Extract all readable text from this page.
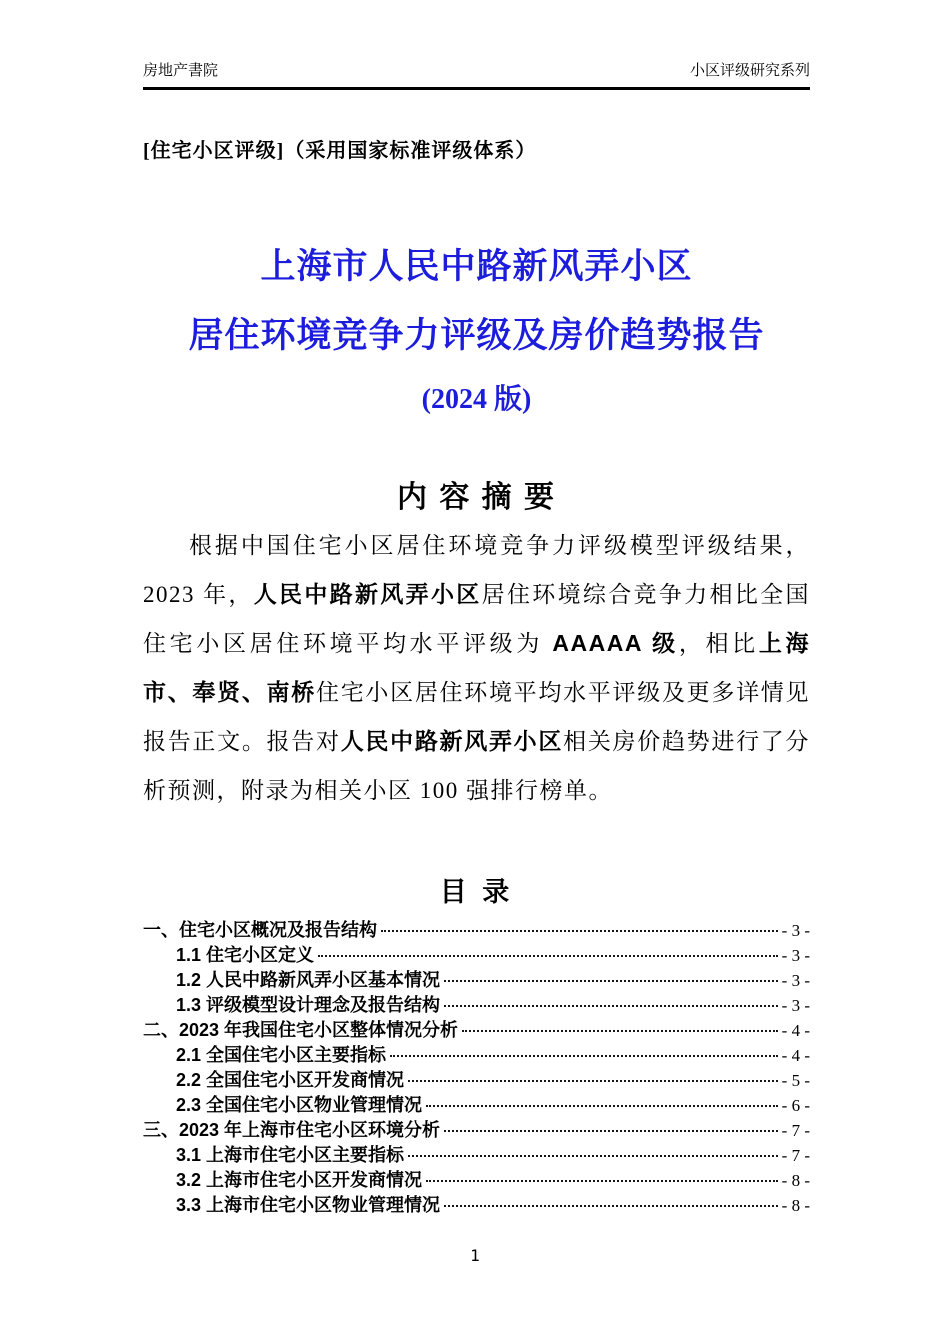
房地产書院	小区评级研究系列
[住宅小区评级]（采用国家标准评级体系）
上海市人民中路新风弄小区
居住环境竞争力评级及房价趋势报告
(2024 版)
内 容 摘 要

根据中国住宅小区居住环境竞争力评级模型评级结果，2023 年，人民中路新风弄小区居住环境综合竞争力相比全国住宅小区居住环境平均水平评级为 AAAAA 级，相比上海市、奉贤、南桥住宅小区居住环境平均水平评级及更多详情见报告正文。报告对人民中路新风弄小区相关房价趋势进行了分析预测，附录为相关小区 100 强排行榜单。

目 录
一、住宅小区概况及报告结构	- 3 -
1.1 住宅小区定义	- 3 -
1.2 人民中路新风弄小区基本情况	- 3 -
1.3 评级模型设计理念及报告结构	- 3 -
二、2023 年我国住宅小区整体情况分析	- 4 -
2.1 全国住宅小区主要指标	- 4 -
2.2 全国住宅小区开发商情况	- 5 -
2.3 全国住宅小区物业管理情况	- 6 -
三、2023 年上海市住宅小区环境分析	- 7 -
3.1 上海市住宅小区主要指标	- 7 -
3.2 上海市住宅小区开发商情况	- 8 -
3.3 上海市住宅小区物业管理情况	- 8 -
1
